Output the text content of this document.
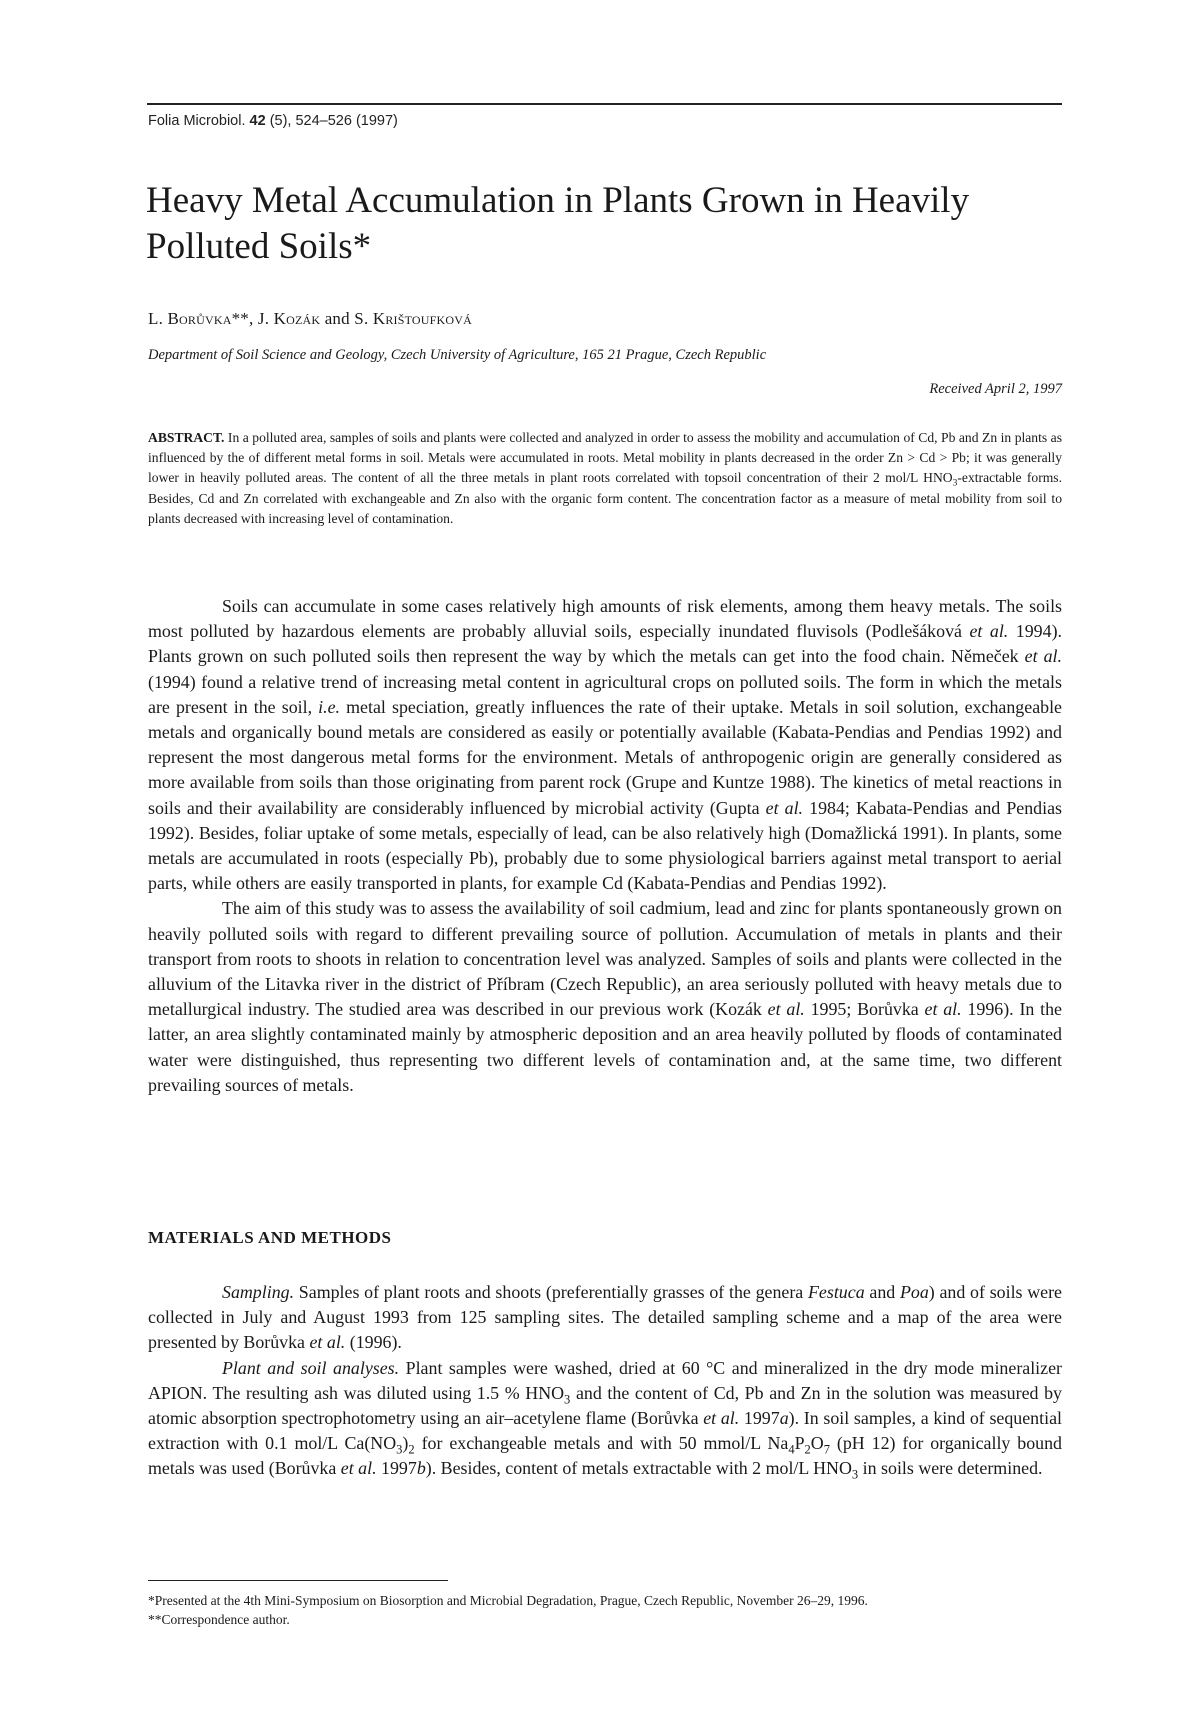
Folia Microbiol. 42 (5), 524–526 (1997)
Heavy Metal Accumulation in Plants Grown in Heavily Polluted Soils*
L. Borůvka**, J. Kozák and S. Krištoufková
Department of Soil Science and Geology, Czech University of Agriculture, 165 21 Prague, Czech Republic
Received April 2, 1997
ABSTRACT. In a polluted area, samples of soils and plants were collected and analyzed in order to assess the mobility and accumulation of Cd, Pb and Zn in plants as influenced by the of different metal forms in soil. Metals were accumulated in roots. Metal mobility in plants decreased in the order Zn > Cd > Pb; it was generally lower in heavily polluted areas. The content of all the three metals in plant roots correlated with topsoil concentration of their 2 mol/L $HNO_3$-extractable forms. Besides, Cd and Zn correlated with exchangeable and Zn also with the organic form content. The concentration factor as a measure of metal mobility from soil to plants decreased with increasing level of contamination.

Soils can accumulate in some cases relatively high amounts of risk elements, among them heavy metals. The soils most polluted by hazardous elements are probably alluvial soils, especially inundated fluvisols (Podlešáková et al. 1994). Plants grown on such polluted soils then represent the way by which the metals can get into the food chain. Němeček et al. (1994) found a relative trend of increasing metal content in agricultural crops on polluted soils. The form in which the metals are present in the soil, i.e. metal speciation, greatly influences the rate of their uptake. Metals in soil solution, exchangeable metals and organically bound metals are considered as easily or potentially available (Kabata-Pendias and Pendias 1992) and represent the most dangerous metal forms for the environment. Metals of anthropogenic origin are generally considered as more available from soils than those originating from parent rock (Grupe and Kuntze 1988). The kinetics of metal reactions in soils and their availability are considerably influenced by microbial activity (Gupta et al. 1984; Kabata-Pendias and Pendias 1992). Besides, foliar uptake of some metals, especially of lead, can be also relatively high (Domažlická 1991). In plants, some metals are accumulated in roots (especially Pb), probably due to some physiological barriers against metal transport to aerial parts, while others are easily transported in plants, for example Cd (Kabata-Pendias and Pendias 1992).

The aim of this study was to assess the availability of soil cadmium, lead and zinc for plants spontaneously grown on heavily polluted soils with regard to different prevailing source of pollution. Accumulation of metals in plants and their transport from roots to shoots in relation to concentration level was analyzed. Samples of soils and plants were collected in the alluvium of the Litavka river in the district of Příbram (Czech Republic), an area seriously polluted with heavy metals due to metallurgical industry. The studied area was described in our previous work (Kozák et al. 1995; Borůvka et al. 1996). In the latter, an area slightly contaminated mainly by atmospheric deposition and an area heavily polluted by floods of contaminated water were distinguished, thus representing two different levels of contamination and, at the same time, two different prevailing sources of metals.

MATERIALS AND METHODS

Sampling. Samples of plant roots and shoots (preferentially grasses of the genera Festuca and Poa) and of soils were collected in July and August 1993 from 125 sampling sites. The detailed sampling scheme and a map of the area were presented by Borůvka et al. (1996).

Plant and soil analyses. Plant samples were washed, dried at 60 °C and mineralized in the dry mode mineralizer APION. The resulting ash was diluted using 1.5 % $HNO_3$ and the content of Cd, Pb and Zn in the solution was measured by atomic absorption spectrophotometry using an air–acetylene flame (Borůvka et al. 1997a). In soil samples, a kind of sequential extraction with 0.1 mol/L $Ca(NO_3)_2$ for exchangeable metals and with 50 mmol/L $Na_4P_2O_7$ (pH 12) for organically bound metals was used (Borůvka et al. 1997b). Besides, content of metals extractable with 2 mol/L $HNO_3$ in soils were determined.

*Presented at the 4th Mini-Symposium on Biosorption and Microbial Degradation, Prague, Czech Republic, November 26–29, 1996.
**Correspondence author.
